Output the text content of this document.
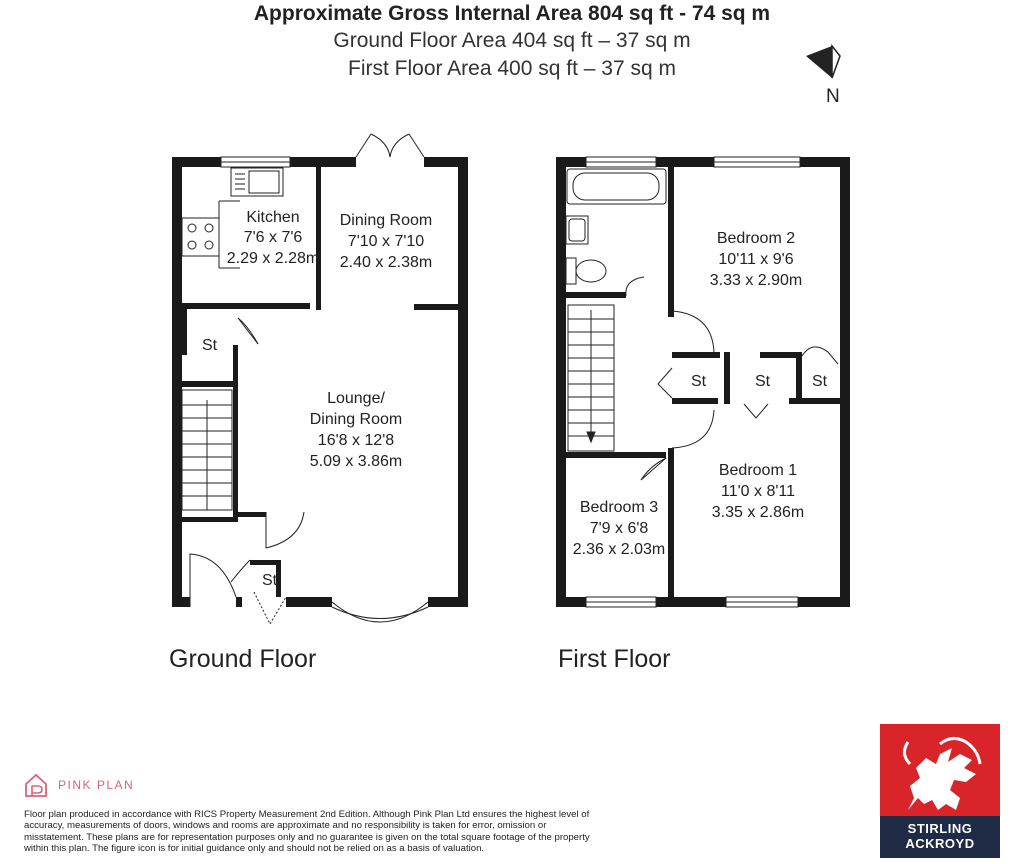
Approximate Gross Internal Area 804 sq ft - 74 sq m
Ground Floor Area 404 sq ft – 37 sq m
First Floor Area 400 sq ft – 37 sq m
Kitchen
7'6 x 7'6
2.29 x 2.28m
Dining Room
7'10 x 7'10
2.40 x 2.38m
Lounge/
Dining Room
16'8 x 12'8
5.09 x 3.86m
St
St
Bedroom 2
10'11 x 9'6
3.33 x 2.90m
Bedroom 1
11'0 x 8'11
3.35 x 2.86m
Bedroom 3
7'9 x 6'8
2.36 x 2.03m
St	St	St
N
Ground Floor	First Floor
PINK PLAN
Floor plan produced in accordance with RICS Property Measurement 2nd Edition. Although Pink Plan Ltd ensures the highest level of accuracy, measurements of doors, windows and rooms are approximate and no responsibility is taken for error, omission or misstatement. These plans are for representation purposes only and no guarantee is given on the total square footage of the property within this plan. The figure icon is for initial guidance only and should not be relied on as a basis of valuation.
STIRLING
ACKROYD
